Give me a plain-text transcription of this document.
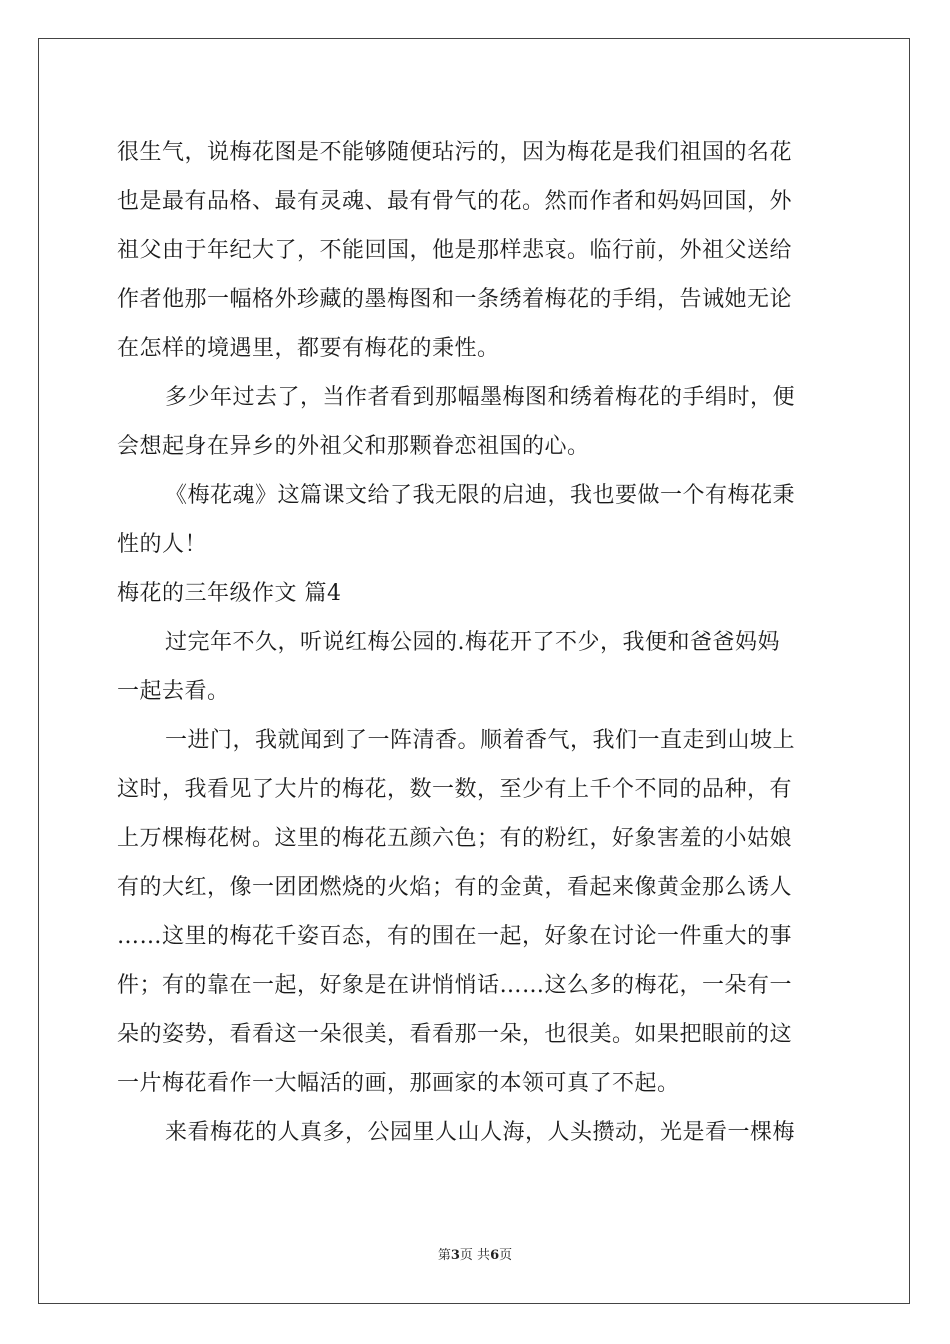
很生气，说梅花图是不能够随便玷污的，因为梅花是我们祖国的名花
也是最有品格、最有灵魂、最有骨气的花。然而作者和妈妈回国，外
祖父由于年纪大了，不能回国，他是那样悲哀。临行前，外祖父送给
作者他那一幅格外珍藏的墨梅图和一条绣着梅花的手绢，告诫她无论
在怎样的境遇里，都要有梅花的秉性。
多少年过去了，当作者看到那幅墨梅图和绣着梅花的手绢时，便
会想起身在异乡的外祖父和那颗眷恋祖国的心。
《梅花魂》这篇课文给了我无限的启迪，我也要做一个有梅花秉
性的人！
梅花的三年级作文 篇4
过完年不久，听说红梅公园的.梅花开了不少，我便和爸爸妈妈
一起去看。
一进门，我就闻到了一阵清香。顺着香气，我们一直走到山坡上
这时，我看见了大片的梅花，数一数，至少有上千个不同的品种，有
上万棵梅花树。这里的梅花五颜六色；有的粉红，好象害羞的小姑娘
有的大红，像一团团燃烧的火焰；有的金黄，看起来像黄金那么诱人
……这里的梅花千姿百态，有的围在一起，好象在讨论一件重大的事
件；有的靠在一起，好象是在讲悄悄话……这么多的梅花，一朵有一
朵的姿势，看看这一朵很美，看看那一朵，也很美。如果把眼前的这
一片梅花看作一大幅活的画，那画家的本领可真了不起。
来看梅花的人真多，公园里人山人海，人头攒动，光是看一棵梅
第3页 共6页
